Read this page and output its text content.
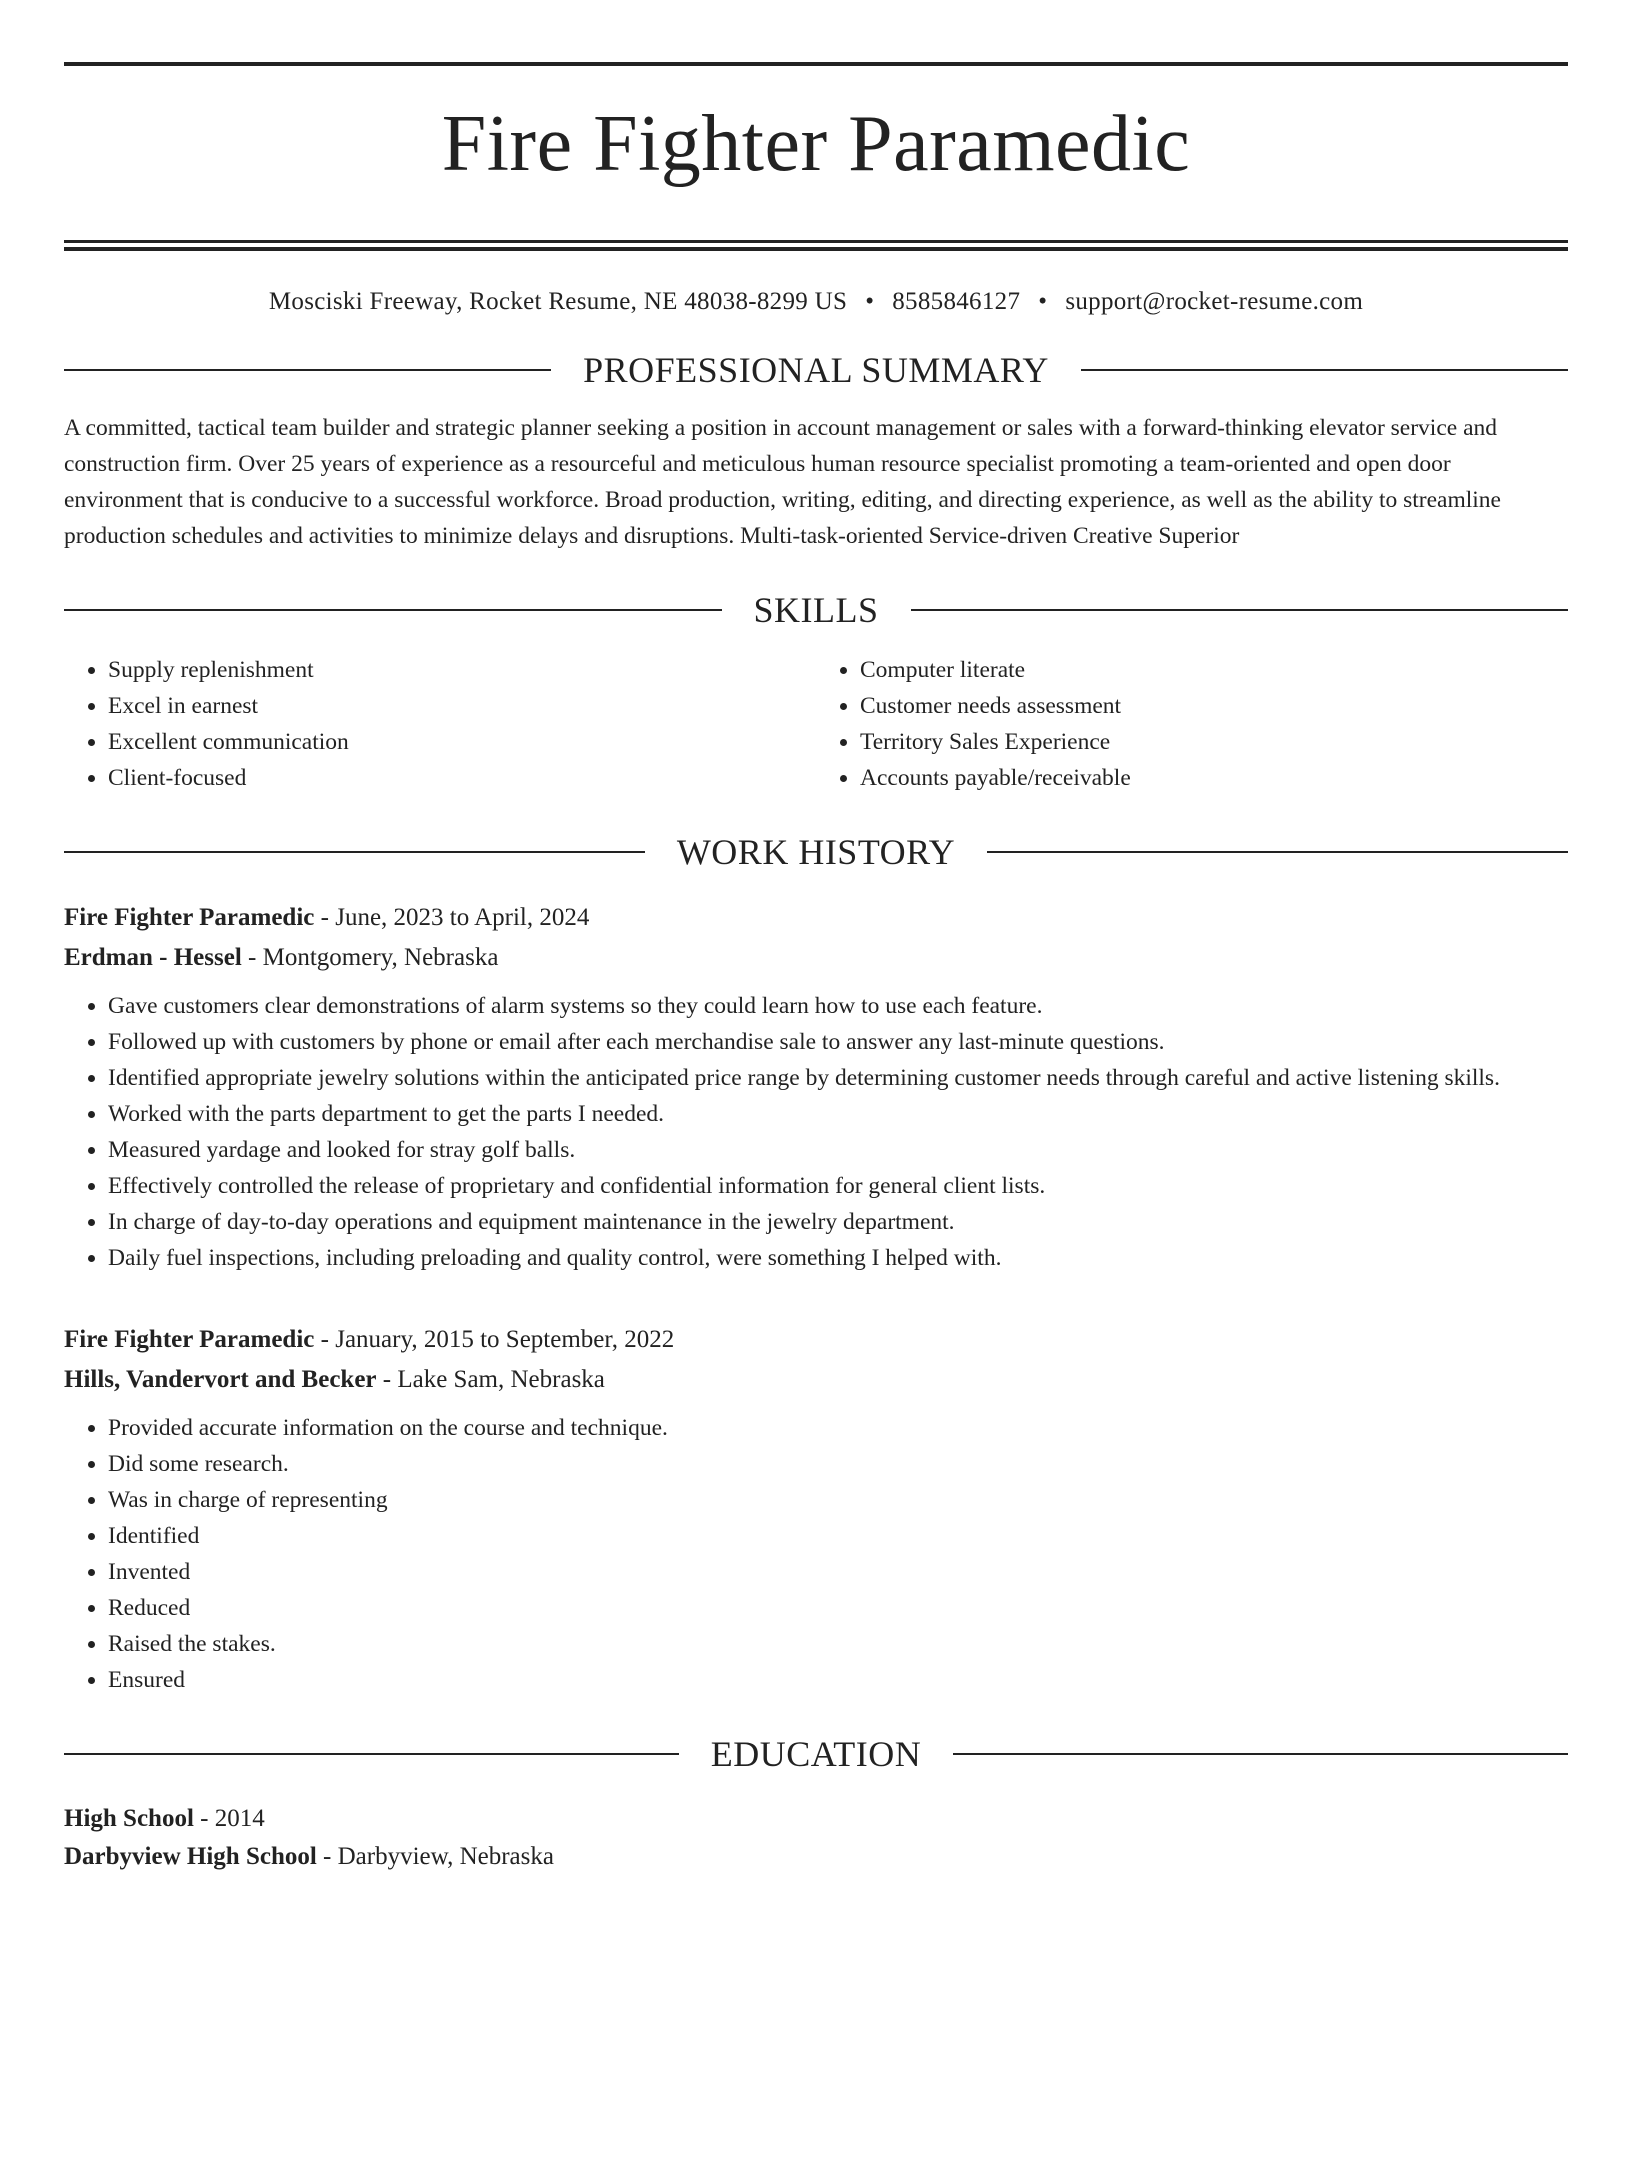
Fire Fighter Paramedic
Mosciski Freeway, Rocket Resume, NE 48038-8299 US • 8585846127 • support@rocket-resume.com
PROFESSIONAL SUMMARY
A committed, tactical team builder and strategic planner seeking a position in account management or sales with a forward-thinking elevator service and construction firm. Over 25 years of experience as a resourceful and meticulous human resource specialist promoting a team-oriented and open door environment that is conducive to a successful workforce. Broad production, writing, editing, and directing experience, as well as the ability to streamline production schedules and activities to minimize delays and disruptions. Multi-task-oriented Service-driven Creative Superior
SKILLS
• Supply replenishment
• Excel in earnest
• Excellent communication
• Client-focused
• Computer literate
• Customer needs assessment
• Territory Sales Experience
• Accounts payable/receivable
WORK HISTORY
Fire Fighter Paramedic - June, 2023 to April, 2024
Erdman - Hessel - Montgomery, Nebraska
• Gave customers clear demonstrations of alarm systems so they could learn how to use each feature.
• Followed up with customers by phone or email after each merchandise sale to answer any last-minute questions.
• Identified appropriate jewelry solutions within the anticipated price range by determining customer needs through careful and active listening skills.
• Worked with the parts department to get the parts I needed.
• Measured yardage and looked for stray golf balls.
• Effectively controlled the release of proprietary and confidential information for general client lists.
• In charge of day-to-day operations and equipment maintenance in the jewelry department.
• Daily fuel inspections, including preloading and quality control, were something I helped with.
Fire Fighter Paramedic - January, 2015 to September, 2022
Hills, Vandervort and Becker - Lake Sam, Nebraska
• Provided accurate information on the course and technique.
• Did some research.
• Was in charge of representing
• Identified
• Invented
• Reduced
• Raised the stakes.
• Ensured
EDUCATION
High School - 2014
Darbyview High School - Darbyview, Nebraska
